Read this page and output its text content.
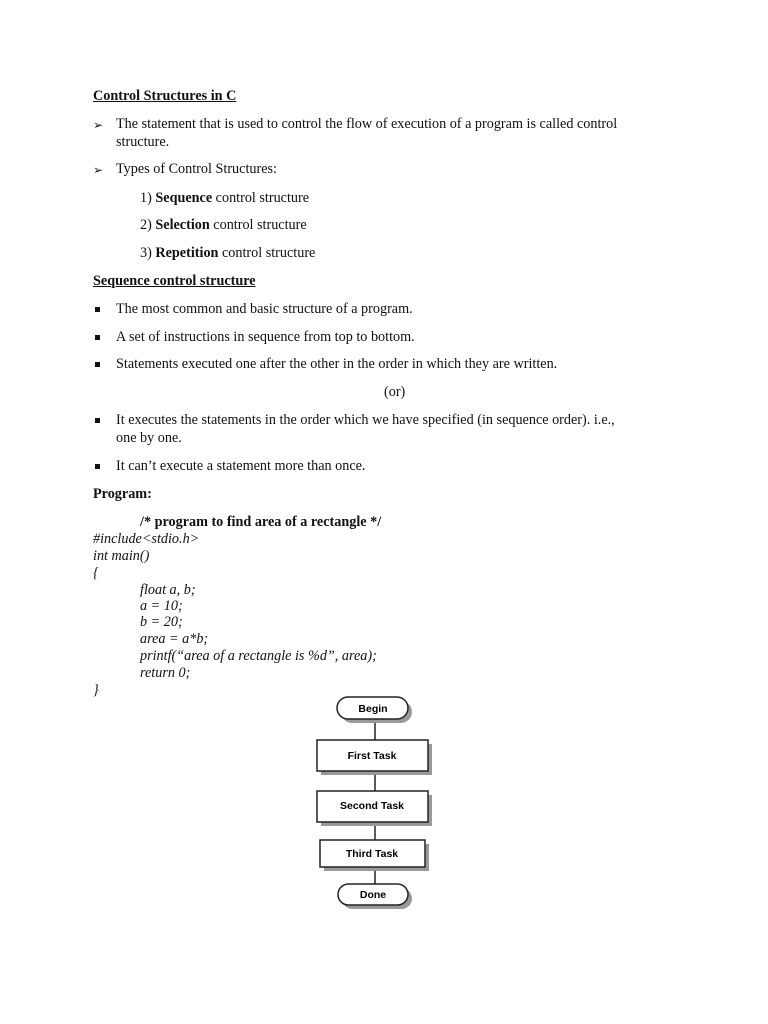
Control Structures in C
➢ The statement that is used to control the flow of execution of a program is called control
structure.
➢ Types of Control Structures:
1) Sequence control structure
2) Selection control structure
3) Repetition control structure
Sequence control structure
The most common and basic structure of a program.
A set of instructions in sequence from top to bottom.
Statements executed one after the other in the order in which they are written.
(or)
It executes the statements in the order which we have specified (in sequence order). i.e.,
one by one.
It can’t execute a statement more than once.
Program:
/* program to find area of a rectangle */
#include<stdio.h>
int main()
{
float a, b;
a = 10;
b = 20;
area = a*b;
printf(“area of a rectangle is %d”, area);
return 0;
}
Begin
First Task
Second Task
Third Task
Done
